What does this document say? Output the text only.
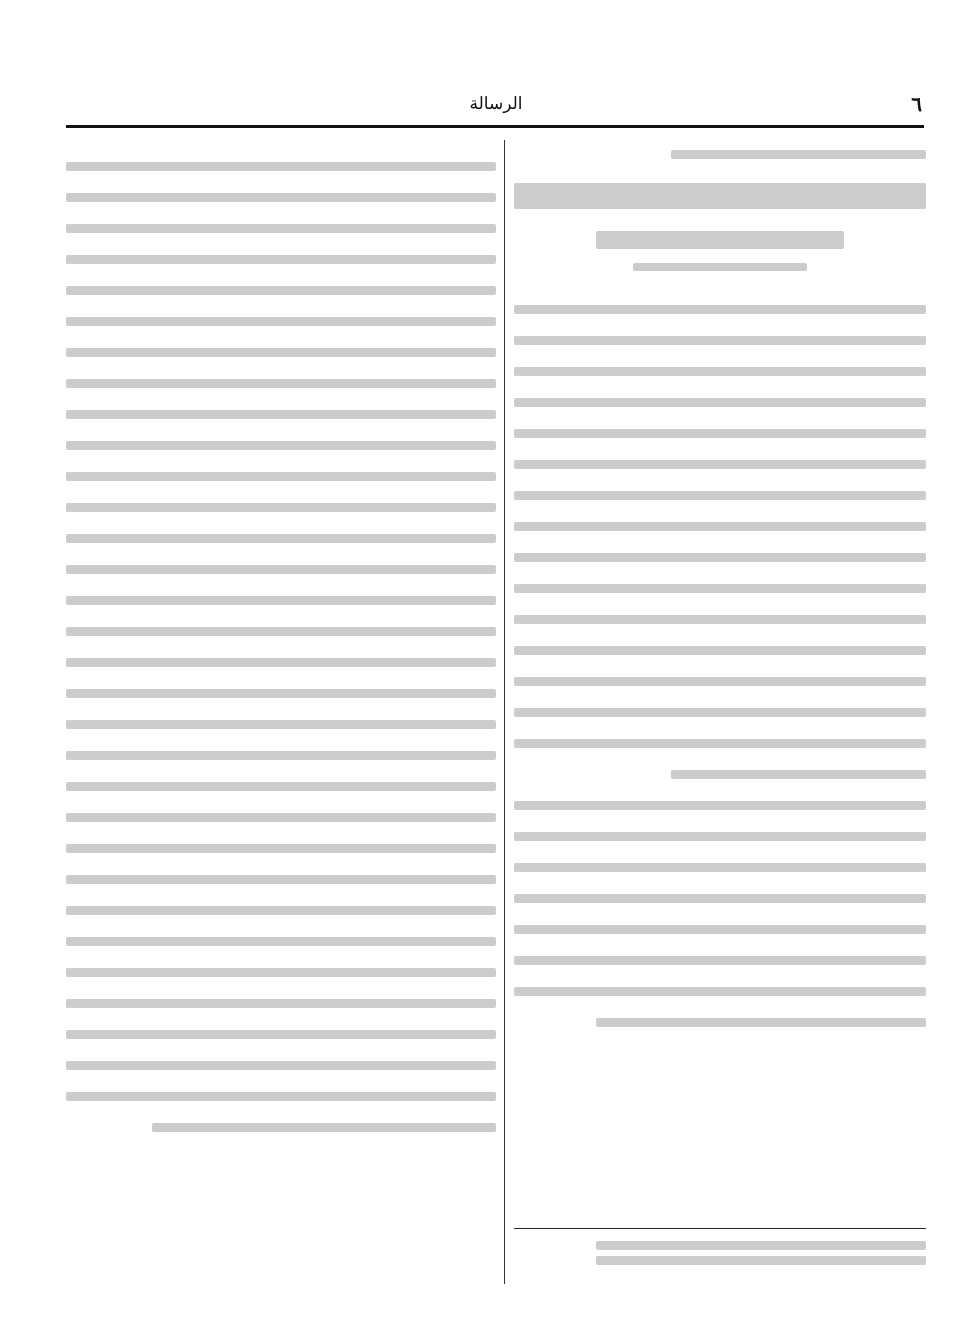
٦
الرسالة
